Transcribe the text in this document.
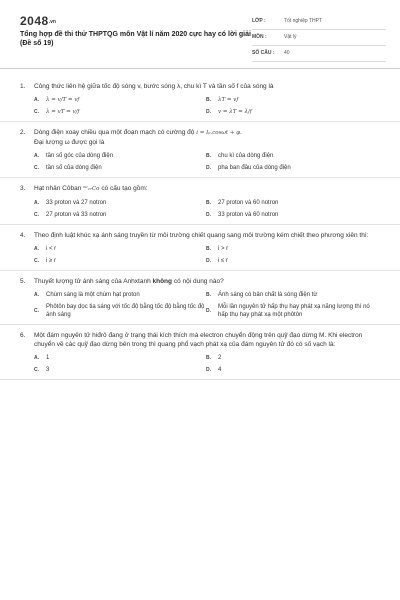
2048.vn
Tổng hợp đề thi thử THPTQG môn Vật lí năm 2020 cực hay có lời giải (Đề số 19)
LỚP :	Tốt nghiệp THPT
MÔN :	Vật lý
SỐ CÂU : 40
1.	Công thức liên hệ giữa tốc độ sóng v, bước sóng λ, chu kì T và tần số f của sóng là
A.	λ = v/T = vf	B.	λT = vf
C.	λ = vT = v/f	D.	v = λT = λ/f
2.	Dòng điện xoay chiều qua một đoạn mạch có cường độ i = I₀.cosωt + φ.
Đại lượng ω được gọi là
A.	tần số góc của dòng điện	B.	chu kì của dòng điện
C.	tần số của dòng điện	D.	pha ban đầu của dòng điện
3.	Hạt nhân Côban ⁶⁰₂₇Co có cấu tạo gồm:
A.	33 proton và 27 notron	B.	27 proton và 60 notron
C.	27 proton và 33 notron	D.	33 proton và 60 notron
4.	Theo định luật khúc xạ ánh sáng truyền từ môi trường chiết quang sang môi trường kém chiết theo phương xiên thì:
A.	i < r	B.	i > r
C.	i ≥ r	D.	i ≤ r
5.	Thuyết lượng tử ánh sáng của Anhxtanh không có nội dung nào?
A.	Chùm sáng là một chùm hạt proton	B.	Ánh sáng có bản chất là sóng điện từ
C.
Phôtôn bay dọc tia sáng với tốc độ bằng tốc độ bằng tốc độ ánh sáng
D.
Mỗi lần nguyên tử hấp thụ hay phát xạ năng lượng thì nó hấp thụ hay phát xạ một phôtôn
6.	Một đám nguyên tử hiđrô đang ở trạng thái kích thích mà electron chuyển động trên quỹ đạo dừng M. Khi electron chuyển về các quỹ đạo dừng bên trong thì quang phổ vạch phát xạ của đám nguyên tử đó có số vạch là:
A.	1	B.	2
C.	3	D.	4
